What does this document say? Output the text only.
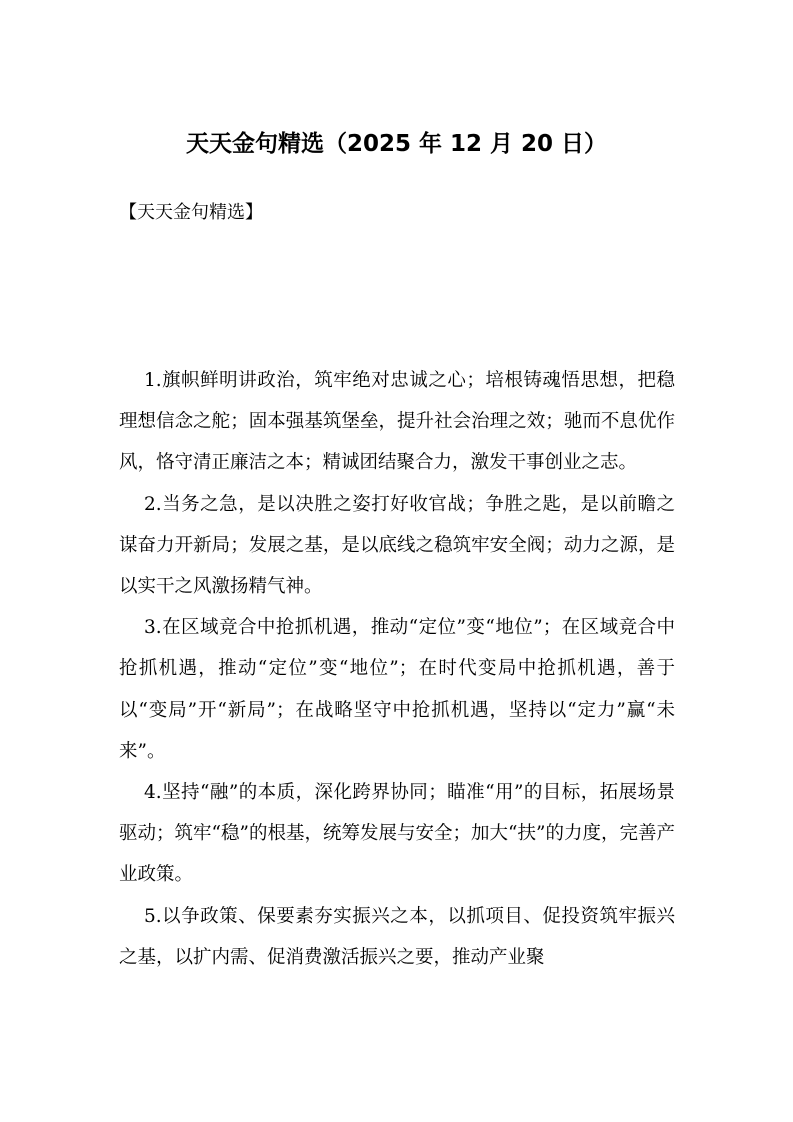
天天金句精选（2025 年 12 月 20 日）
【天天金句精选】

1.旗帜鲜明讲政治，筑牢绝对忠诚之心；培根铸魂悟思想，把稳理想信念之舵；固本强基筑堡垒，提升社会治理之效；驰而不息优作风，恪守清正廉洁之本；精诚团结聚合力，激发干事创业之志。

2.当务之急，是以决胜之姿打好收官战；争胜之匙，是以前瞻之谋奋力开新局；发展之基，是以底线之稳筑牢安全阀；动力之源，是以实干之风激扬精气神。

3.在区域竞合中抢抓机遇，推动“定位”变“地位”；在区域竞合中抢抓机遇，推动“定位”变“地位”；在时代变局中抢抓机遇，善于以“变局”开“新局”；在战略坚守中抢抓机遇，坚持以“定力”赢“未来”。

4.坚持“融”的本质，深化跨界协同；瞄准“用”的目标，拓展场景驱动；筑牢“稳”的根基，统筹发展与安全；加大“扶”的力度，完善产业政策。

5.以争政策、保要素夯实振兴之本，以抓项目、促投资筑牢振兴之基，以扩内需、促消费激活振兴之要，推动产业聚
